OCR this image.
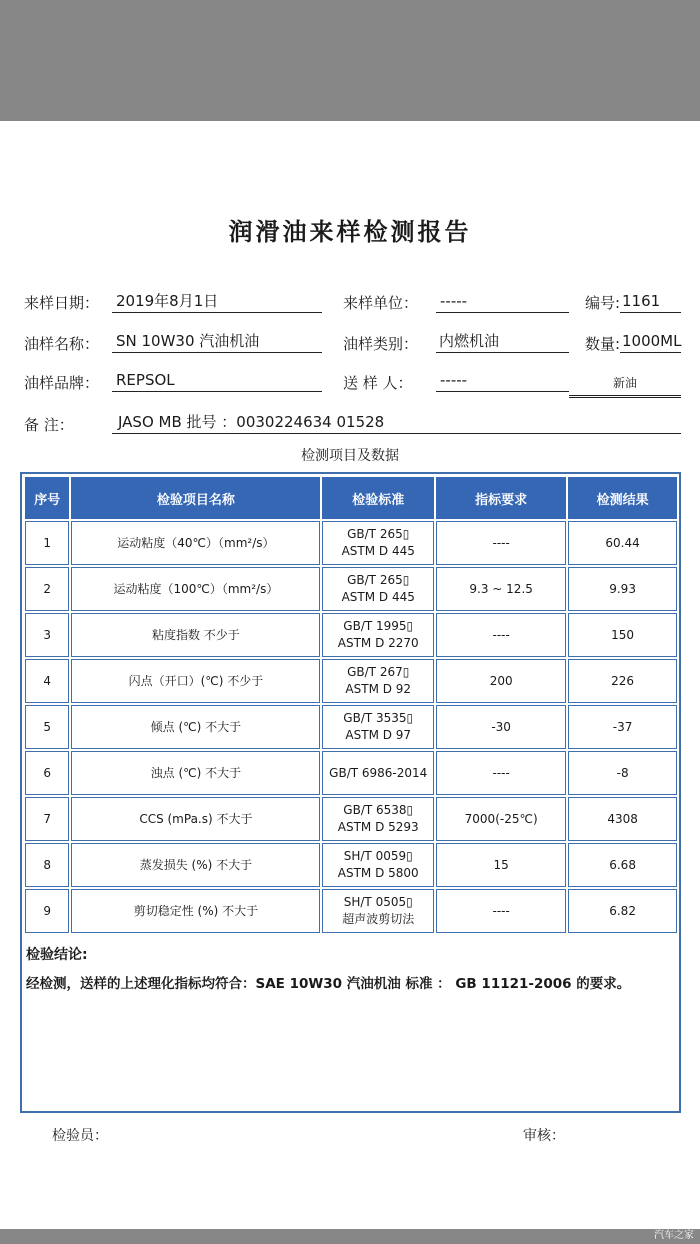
润滑油来样检测报告
来样日期： 2019年8月1日	来样单位： -----	编号: 1161
油样名称： SN 10W30 汽油机油	油样类别： 内燃机油	数量: 1000ML
油样品牌： REPSOL	送 样 人： -----	新油
备 注：	JASO MB 批号 ：0030224634 01528
检测项目及数据
序号	检验项目名称	检验标准	指标要求	检测结果
1	运动粘度（40℃）（mm²/s）	GB/T 265▯
ASTM D 445	----	60.44
2	运动粘度（100℃）（mm²/s）	GB/T 265▯
ASTM D 445	9.3 ~ 12.5	9.93
3	粘度指数 不少于	GB/T 1995▯
ASTM D 2270	----	150
4	闪点（开口）(℃) 不少于	GB/T 267▯
ASTM D 92	200	226
5	倾点 (℃) 不大于	GB/T 3535▯
ASTM D 97	-30	-37
6	浊点 (℃) 不大于	GB/T 6986-2014	----	-8
7	CCS (mPa.s) 不大于	GB/T 6538▯
ASTM D 5293	7000(-25℃)	4308
8	蒸发损失 (%) 不大于	SH/T 0059▯
ASTM D 5800	15	6.68
9	剪切稳定性 (%) 不大于	SH/T 0505▯
超声波剪切法	----	6.82
检验结论:
经检测，送样的上述理化指标均符合：SAE 10W30 汽油机油 标准 ： GB 11121-2006 的要求。
检验员：	审核：
汽车之家
